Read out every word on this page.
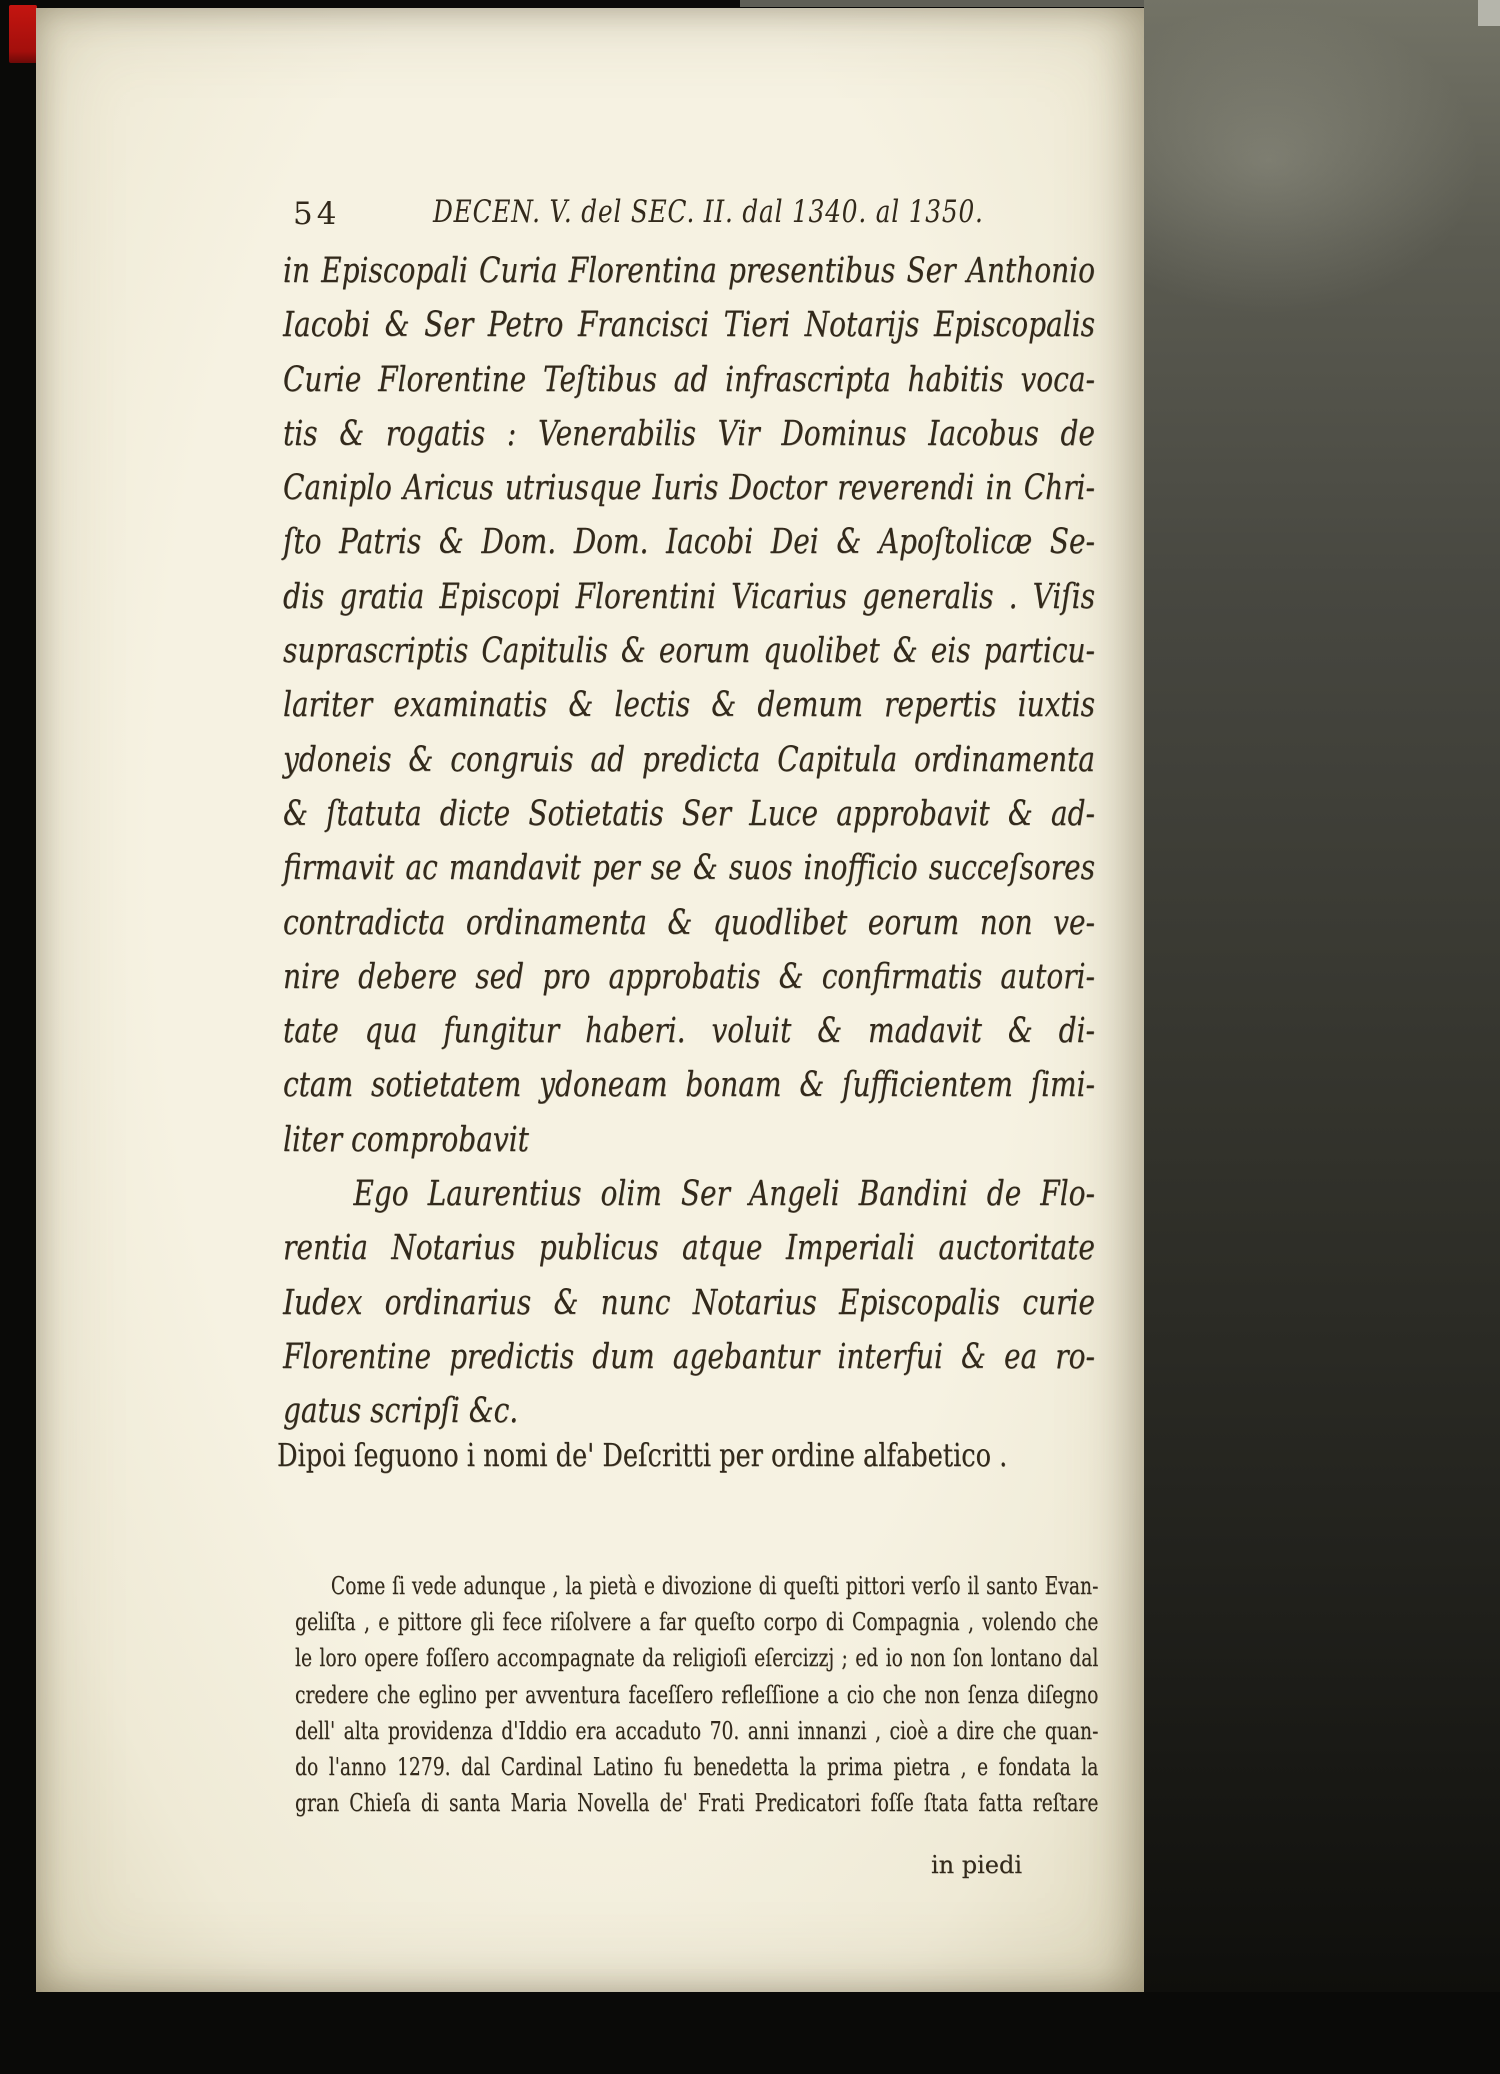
54	DECEN. V. del SEC. II. dal 1340. al 1350.
in Episcopali Curia Florentina presentibus Ser Anthonio
Iacobi & Ser Petro Francisci Tieri Notarijs Episcopalis
Curie Florentine Teſtibus ad infrascripta habitis voca-
tis & rogatis : Venerabilis Vir Dominus Iacobus de
Caniplo Aricus utriusque Iuris Doctor reverendi in Chri-
ſto Patris & Dom. Dom. Iacobi Dei & Apoſtolicæ Se-
dis gratia Episcopi Florentini Vicarius generalis . Viſis
suprascriptis Capitulis & eorum quolibet & eis particu-
lariter examinatis & lectis & demum repertis iuxtis
ydoneis & congruis ad predicta Capitula ordinamenta
& ſtatuta dicte Sotietatis Ser Luce approbavit & ad-
firmavit ac mandavit per se & suos inofficio succeſsores
contradicta ordinamenta & quodlibet eorum non ve-
nire debere sed pro approbatis & confirmatis autori-
tate qua fungitur haberi. voluit & madavit & di-
ctam sotietatem ydoneam bonam & ſufficientem ſimi-
liter comprobavit
Ego Laurentius olim Ser Angeli Bandini de Flo-
rentia Notarius publicus atque Imperiali auctoritate
Iudex ordinarius & nunc Notarius Episcopalis curie
Florentine predictis dum agebantur interfui & ea ro-
gatus scripſi &c.
Dipoi ſeguono i nomi de' Deſcritti per ordine alfabetico .
Come ſi vede adunque , la pietà e divozione di queſti pittori verſo il santo Evan-
geliſta , e pittore gli fece riſolvere a far queſto corpo di Compagnia , volendo che
le loro opere foſſero accompagnate da religioſi eſercizzj ; ed io non ſon lontano dal
credere che eglino per avventura faceſſero refleſſione a cio che non ſenza diſegno
dell' alta providenza d'Iddio era accaduto 70. anni innanzi , cioè a dire che quan-
do l'anno 1279. dal Cardinal Latino fu benedetta la prima pietra , e fondata la
gran Chieſa di santa Maria Novella de' Frati Predicatori foſſe ſtata fatta reſtare
in piedi
